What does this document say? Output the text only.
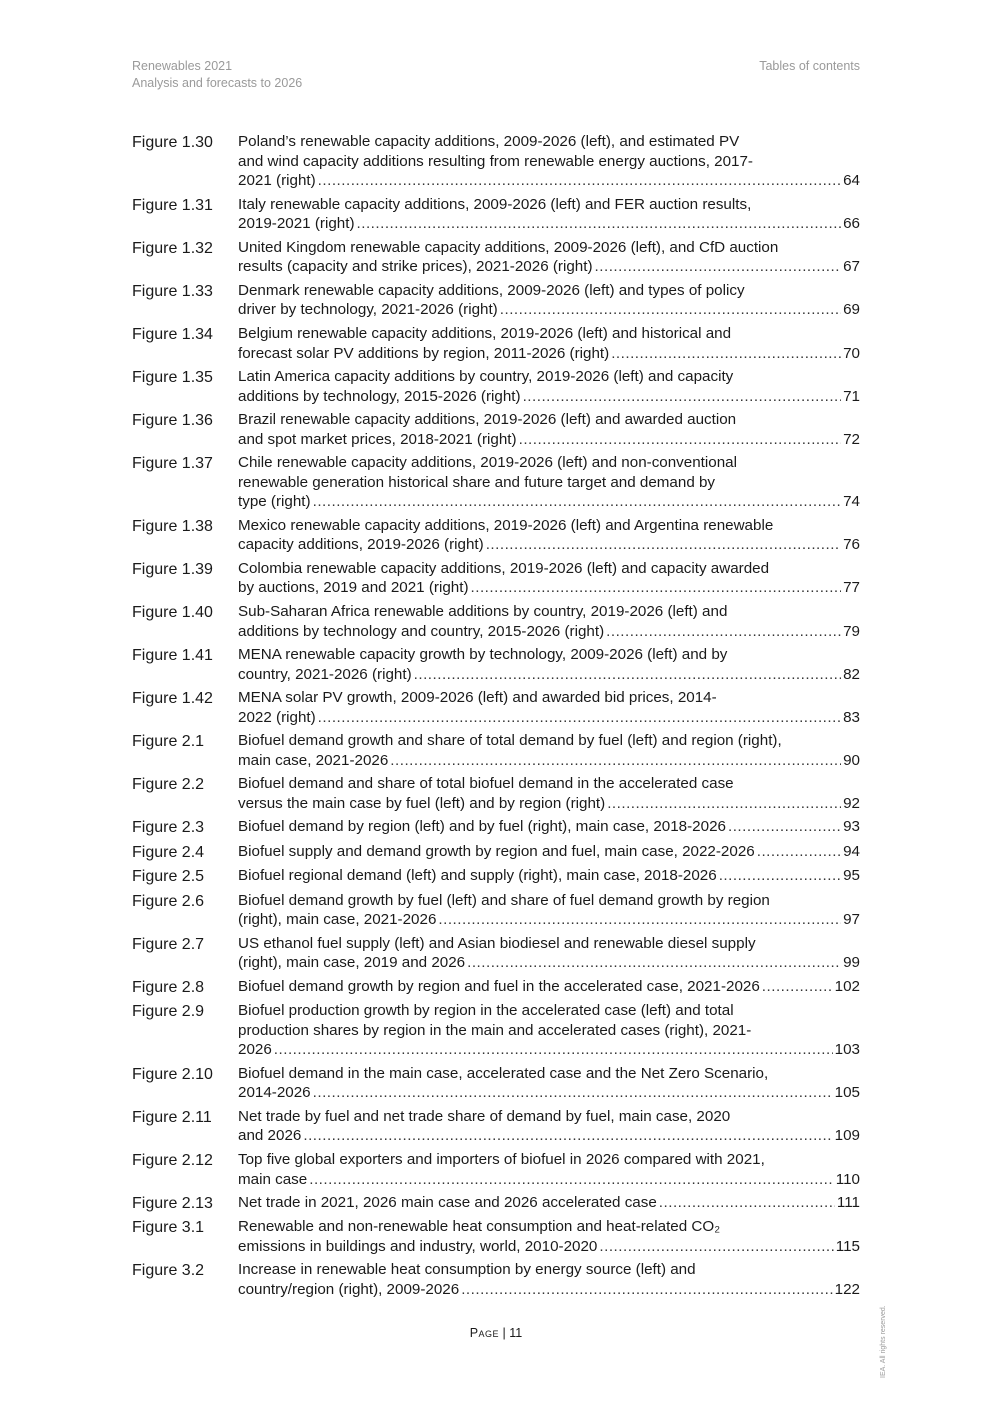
Renewables 2021
Analysis and forecasts to 2026
Tables of contents
Figure 1.30	Poland’s renewable capacity additions, 2009-2026 (left), and estimated PV
and wind capacity additions resulting from renewable energy auctions, 2017-
2021 (right) .....	64
Figure 1.31	Italy renewable capacity additions, 2009-2026 (left) and FER auction results,
2019-2021 (right) .....	66
Figure 1.32	United Kingdom renewable capacity additions, 2009-2026 (left), and CfD auction
results (capacity and strike prices), 2021-2026 (right) .....	67
Figure 1.33	Denmark renewable capacity additions, 2009-2026 (left) and types of policy
driver by technology, 2021-2026 (right) .....	69
Figure 1.34	Belgium renewable capacity additions, 2019-2026 (left) and historical and
forecast solar PV additions by region, 2011-2026 (right) .....	70
Figure 1.35	Latin America capacity additions by country, 2019-2026 (left) and capacity
additions by technology, 2015-2026 (right) .....	71
Figure 1.36	Brazil renewable capacity additions, 2019-2026 (left) and awarded auction
and spot market prices, 2018-2021 (right) .....	72
Figure 1.37	Chile renewable capacity additions, 2019-2026 (left) and non-conventional
renewable generation historical share and future target and demand by
type (right) .....	74
Figure 1.38	Mexico renewable capacity additions, 2019-2026 (left) and Argentina renewable
capacity additions, 2019-2026 (right) .....	76
Figure 1.39	Colombia renewable capacity additions, 2019-2026 (left) and capacity awarded
by auctions, 2019 and 2021 (right) .....	77
Figure 1.40	Sub-Saharan Africa renewable additions by country, 2019-2026 (left) and
additions by technology and country, 2015-2026 (right) .....	79
Figure 1.41	MENA renewable capacity growth by technology, 2009-2026 (left) and by
country, 2021-2026 (right) .....	82
Figure 1.42	MENA solar PV growth, 2009-2026 (left) and awarded bid prices, 2014-
2022 (right) .....	83
Figure 2.1	Biofuel demand growth and share of total demand by fuel (left) and region (right),
main case, 2021-2026 .....	90
Figure 2.2	Biofuel demand and share of total biofuel demand in the accelerated case
versus the main case by fuel (left) and by region (right) .....	92
Figure 2.3	Biofuel demand by region (left) and by fuel (right), main case, 2018-2026 .....	93
Figure 2.4	Biofuel supply and demand growth by region and fuel, main case, 2022-2026 .....	94
Figure 2.5	Biofuel regional demand (left) and supply (right), main case, 2018-2026 .....	95
Figure 2.6	Biofuel demand growth by fuel (left) and share of fuel demand growth by region
(right), main case, 2021-2026 .....	97
Figure 2.7	US ethanol fuel supply (left) and Asian biodiesel and renewable diesel supply
(right), main case, 2019 and 2026 .....	99
Figure 2.8	Biofuel demand growth by region and fuel in the accelerated case, 2021-2026 .....	102
Figure 2.9	Biofuel production growth by region in the accelerated case (left) and total
production shares by region in the main and accelerated cases (right), 2021-
2026 .....	103
Figure 2.10	Biofuel demand in the main case, accelerated case and the Net Zero Scenario,
2014-2026 .....	105
Figure 2.11	Net trade by fuel and net trade share of demand by fuel, main case, 2020
and 2026 .....	109
Figure 2.12	Top five global exporters and importers of biofuel in 2026 compared with 2021,
main case .....	110
Figure 2.13	Net trade in 2021, 2026 main case and 2026 accelerated case .....	111
Figure 3.1	Renewable and non-renewable heat consumption and heat-related CO₂
emissions in buildings and industry, world, 2010-2020 .....	115
Figure 3.2	Increase in renewable heat consumption by energy source (left) and
country/region (right), 2009-2026 .....	122
Page | 11	IEA. All rights reserved.
